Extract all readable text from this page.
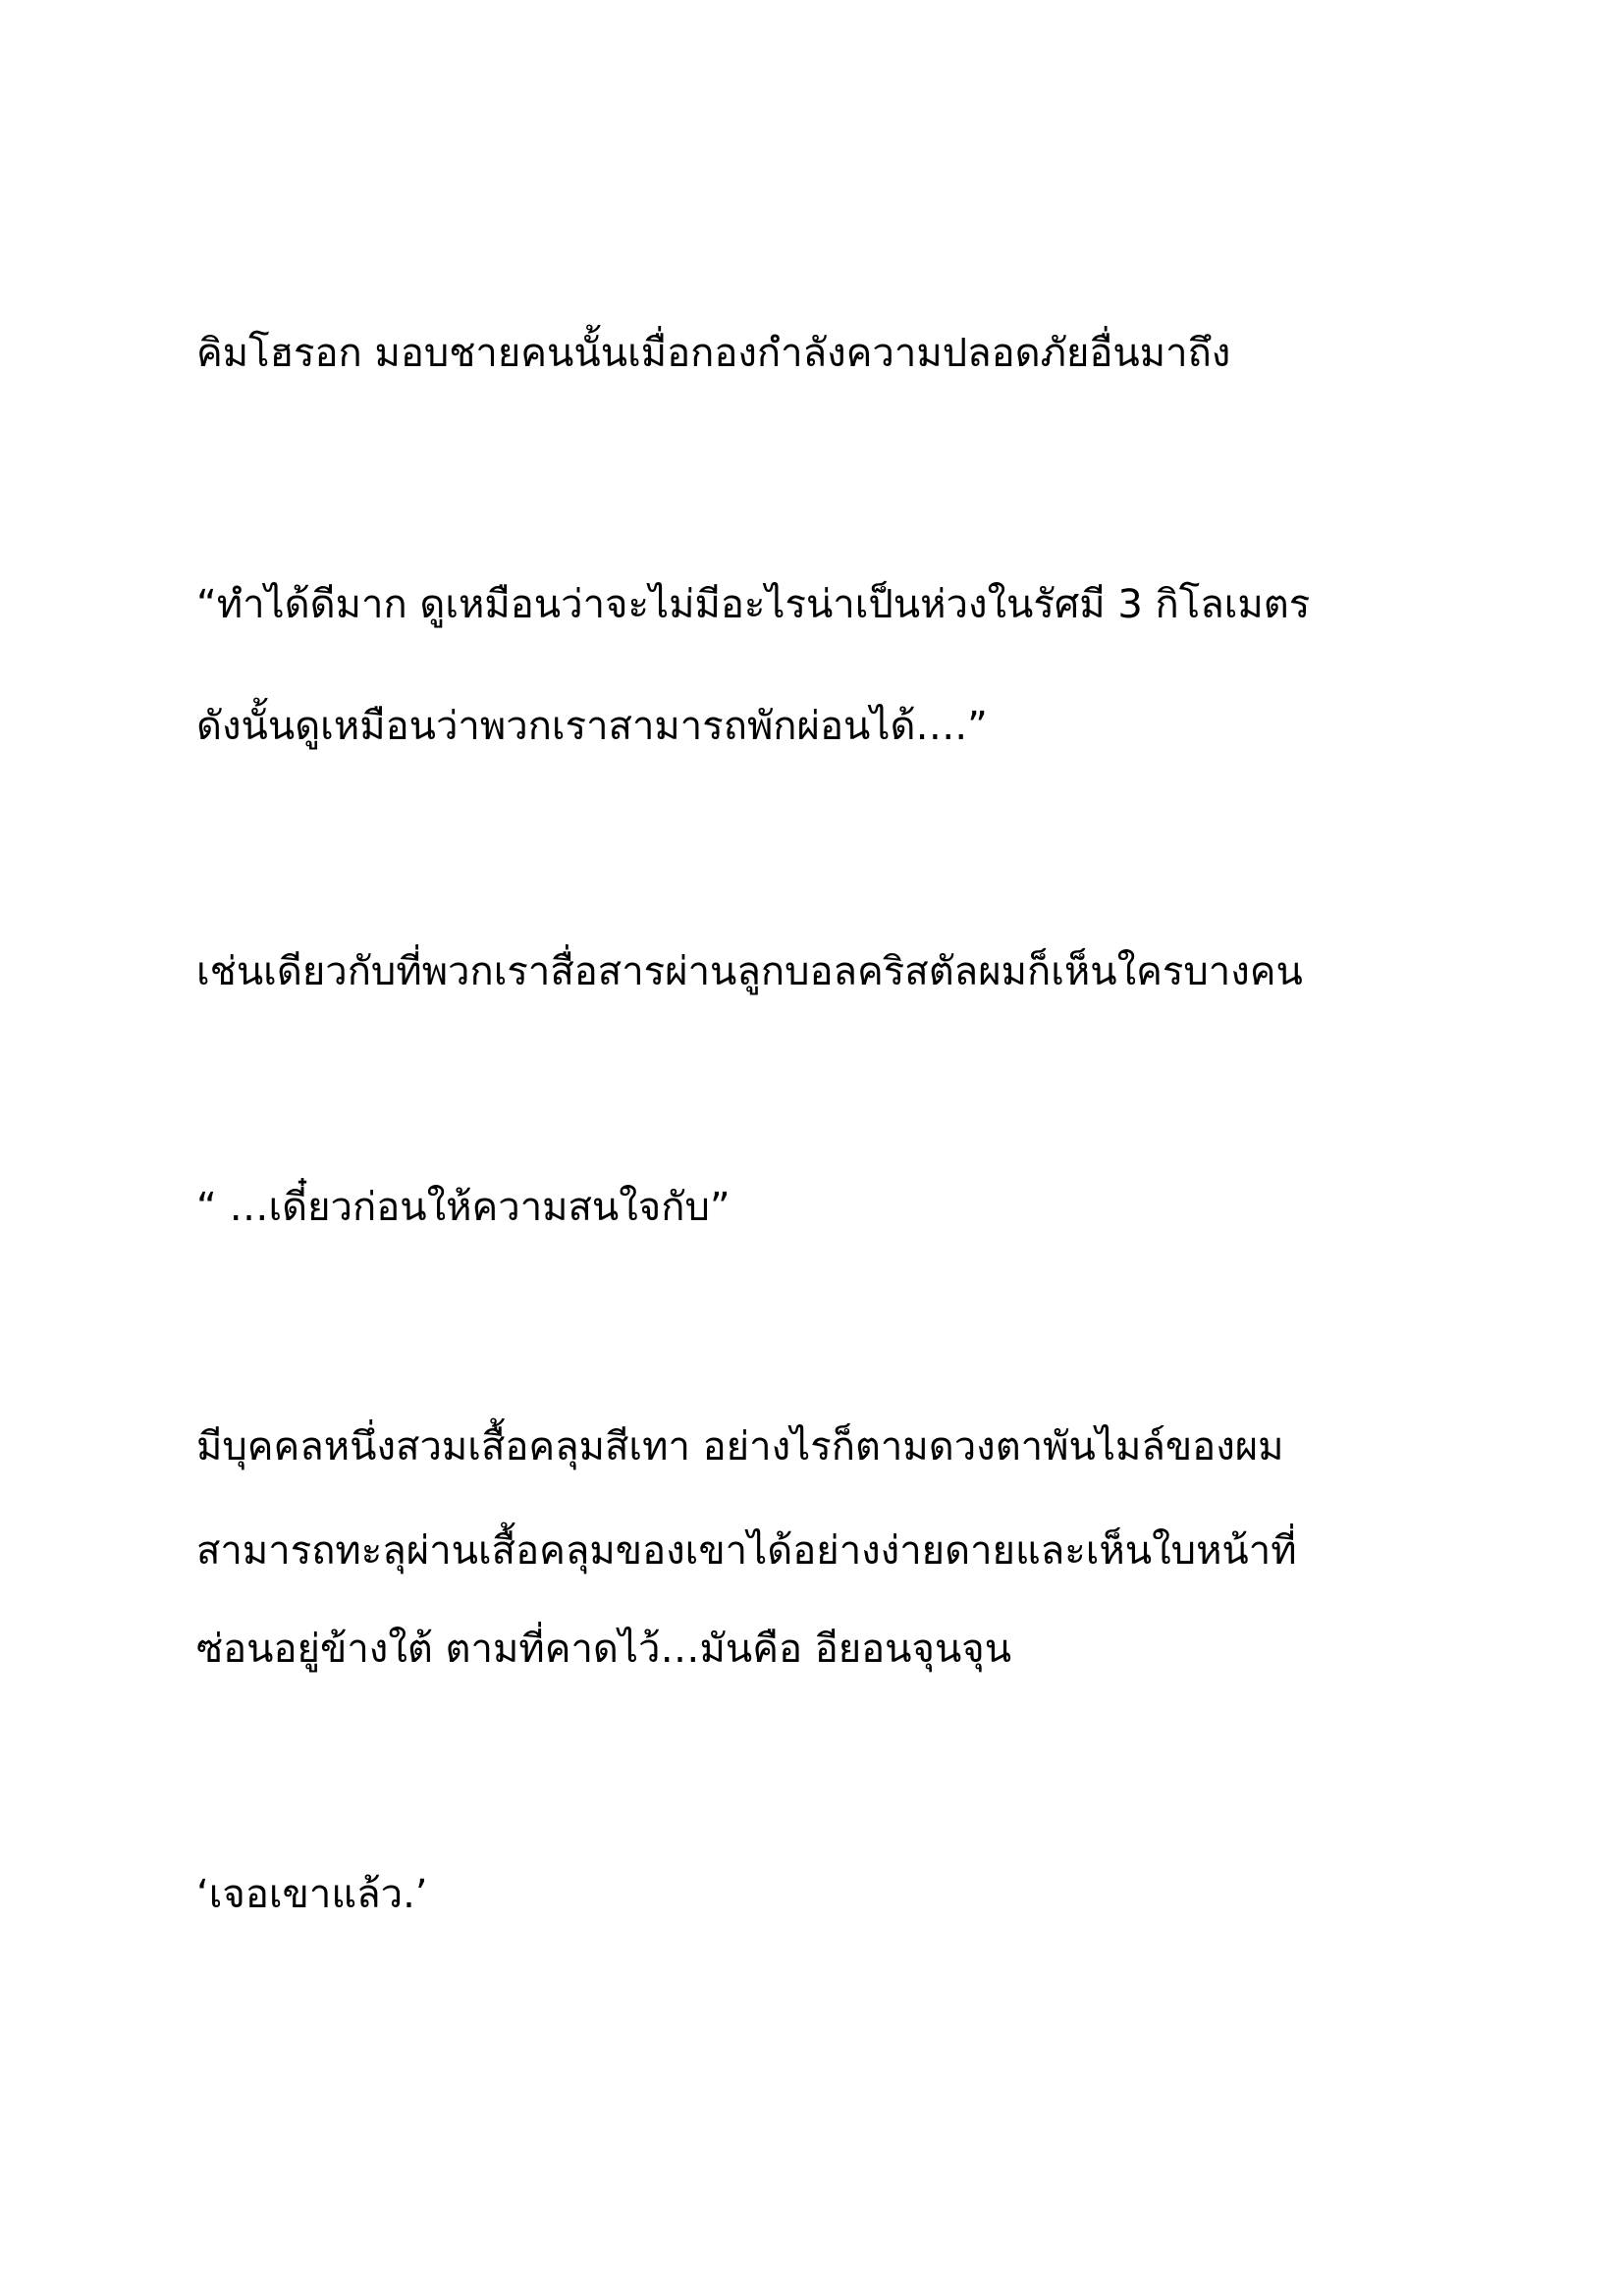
คิมโฮรอก มอบชายคนนั้นเมื่อกองกำลังความปลอดภัยอื่นมาถึง

“ทำได้ดีมาก ดูเหมือนว่าจะไม่มีอะไรน่าเป็นห่วงในรัศมี 3 กิโลเมตร

ดังนั้นดูเหมือนว่าพวกเราสามารถพักผ่อนได้….”

เช่นเดียวกับที่พวกเราสื่อสารผ่านลูกบอลคริสตัลผมก็เห็นใครบางคน

“ …เดี๋ยวก่อนให้ความสนใจกับ”

มีบุคคลหนึ่งสวมเสื้อคลุมสีเทา อย่างไรก็ตามดวงตาพันไมล์ของผม

สามารถทะลุผ่านเสื้อคลุมของเขาได้อย่างง่ายดายและเห็นใบหน้าที่

ซ่อนอยู่ข้างใต้ ตามที่คาดไว้…มันคือ อียอนจุนจุน

‘เจอเขาแล้ว.’
